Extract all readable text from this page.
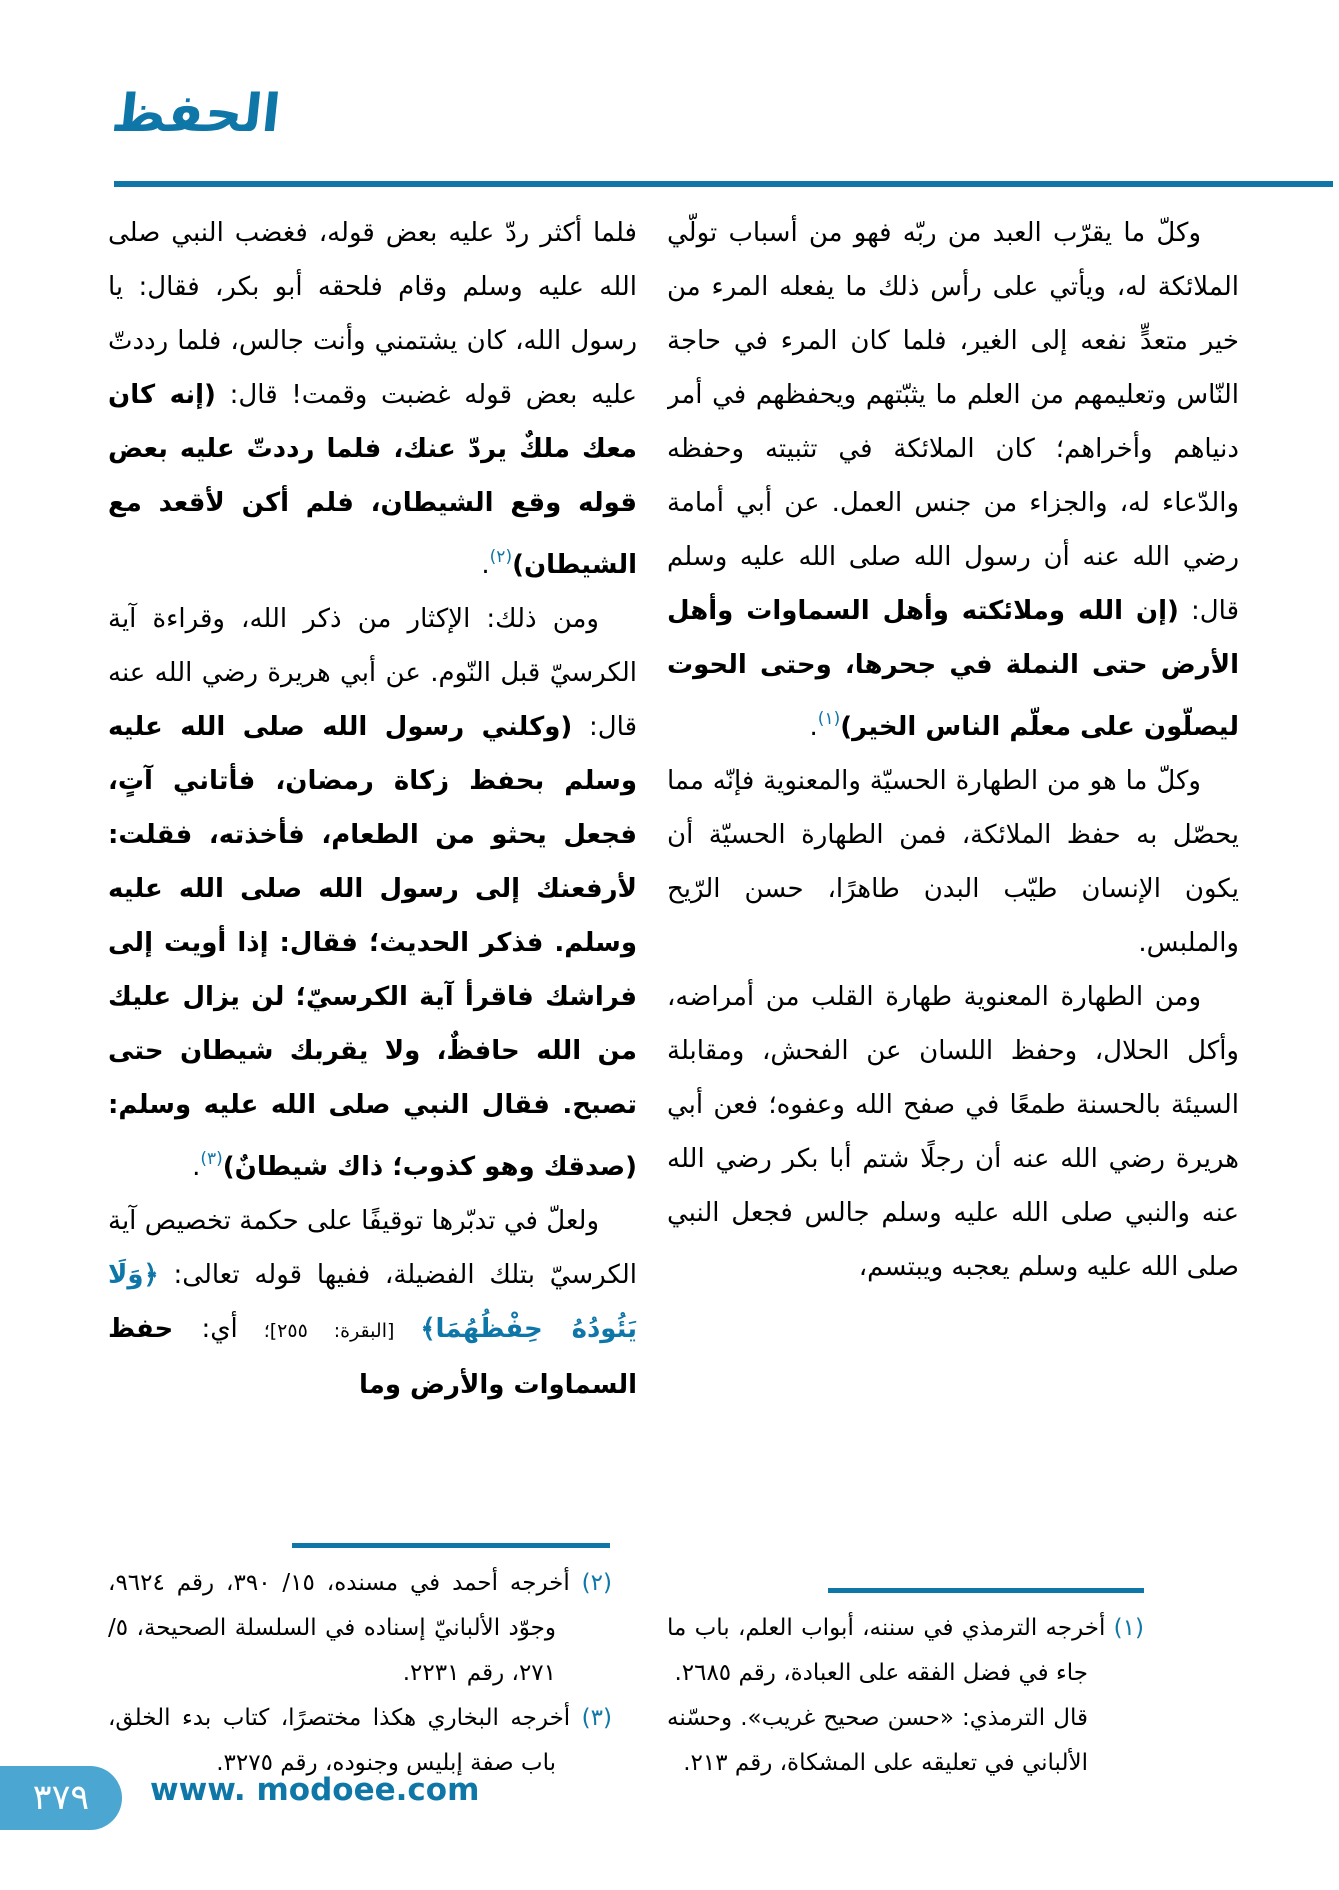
الحفظ

وكلّ ما يقرّب العبد من ربّه فهو من أسباب تولّي الملائكة له، ويأتي على رأس ذلك ما يفعله المرء من خير متعدٍّ نفعه إلى الغير، فلما كان المرء في حاجة النّاس وتعليمهم من العلم ما يثبّتهم ويحفظهم في أمر دنياهم وأخراهم؛ كان الملائكة في تثبيته وحفظه والدّعاء له، والجزاء من جنس العمل. عن أبي أمامة رضي الله عنه أن رسول الله صلى الله عليه وسلم قال: (إن الله وملائكته وأهل السماوات وأهل الأرض حتى النملة في جحرها، وحتى الحوت ليصلّون على معلّم الناس الخير)$^{(١)}$.

وكلّ ما هو من الطهارة الحسيّة والمعنوية فإنّه مما يحصّل به حفظ الملائكة، فمن الطهارة الحسيّة أن يكون الإنسان طيّب البدن طاهرًا، حسن الرّيح والملبس.

ومن الطهارة المعنوية طهارة القلب من أمراضه، وأكل الحلال، وحفظ اللسان عن الفحش، ومقابلة السيئة بالحسنة طمعًا في صفح الله وعفوه؛ فعن أبي هريرة رضي الله عنه أن رجلًا شتم أبا بكر رضي الله عنه والنبي صلى الله عليه وسلم جالس فجعل النبي صلى الله عليه وسلم يعجبه ويبتسم،

(١) أخرجه الترمذي في سننه، أبواب العلم، باب ما جاء في فضل الفقه على العبادة، رقم ٢٦٨٥.
قال الترمذي: «حسن صحيح غريب». وحسّنه الألباني في تعليقه على المشكاة، رقم ٢١٣.

فلما أكثر ردّ عليه بعض قوله، فغضب النبي صلى الله عليه وسلم وقام فلحقه أبو بكر، فقال: يا رسول الله، كان يشتمني وأنت جالس، فلما رددتّ عليه بعض قوله غضبت وقمت! قال: (إنه كان معك ملكٌ يردّ عنك، فلما رددتّ عليه بعض قوله وقع الشيطان، فلم أكن لأقعد مع الشيطان)$^{(٢)}$.

ومن ذلك: الإكثار من ذكر الله، وقراءة آية الكرسيّ قبل النّوم. عن أبي هريرة رضي الله عنه قال: (وكلني رسول الله صلى الله عليه وسلم بحفظ زكاة رمضان، فأتاني آتٍ، فجعل يحثو من الطعام، فأخذته، فقلت: لأرفعنك إلى رسول الله صلى الله عليه وسلم. فذكر الحديث؛ فقال: إذا أويت إلى فراشك فاقرأ آية الكرسيّ؛ لن يزال عليك من الله حافظٌ، ولا يقربك شيطان حتى تصبح. فقال النبي صلى الله عليه وسلم: (صدقك وهو كذوب؛ ذاك شيطانٌ)$^{(٣)}$.

ولعلّ في تدبّرها توقيفًا على حكمة تخصيص آية الكرسيّ بتلك الفضيلة، ففيها قوله تعالى: ﴿وَلَا يَئُودُهُ حِفْظُهُمَا﴾ [البقرة: ٢٥٥]؛ أي: حفظ السماوات والأرض وما

(٢) أخرجه أحمد في مسنده، ١٥/ ٣٩٠، رقم ٩٦٢٤، وجوّد الألبانيّ إسناده في السلسلة الصحيحة، ٥/ ٢٧١، رقم ٢٢٣١.
(٣) أخرجه البخاري هكذا مختصرًا، كتاب بدء الخلق، باب صفة إبليس وجنوده، رقم ٣٢٧٥.
٣٧٩ www. modoee.com
